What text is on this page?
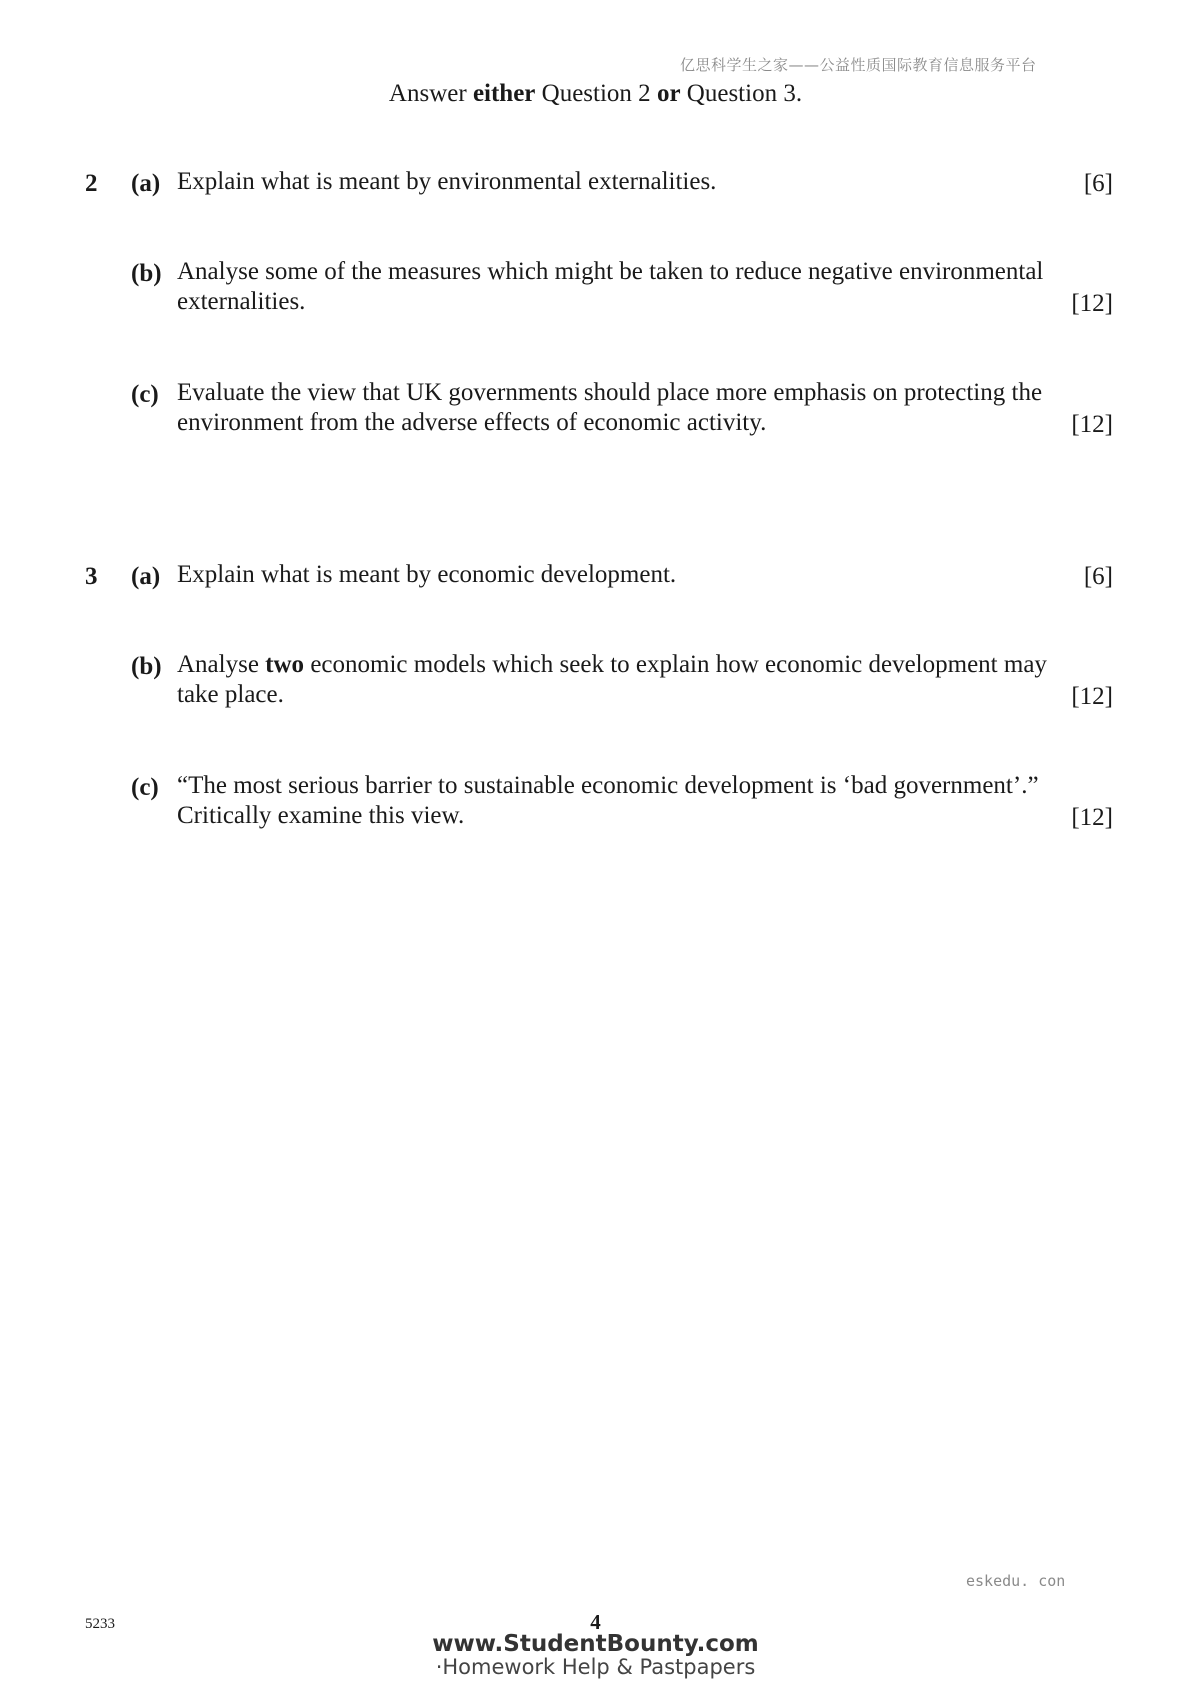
亿思科学生之家——公益性质国际教育信息服务平台
Answer either Question 2 or Question 3.
2 (a) Explain what is meant by environmental externalities.	[6]
(b) Analyse some of the measures which might be taken to reduce negative environmental
externalities.	[12]
(c) Evaluate the view that UK governments should place more emphasis on protecting the
environment from the adverse effects of economic activity.	[12]
3 (a) Explain what is meant by economic development.	[6]
(b) Analyse two economic models which seek to explain how economic development may
take place.	[12]
(c) “The most serious barrier to sustainable economic development is ‘bad government’.”
Critically examine this view.	[12]
eskedu. con
5233	4
www.StudentBounty.com
·Homework Help & Pastpapers
